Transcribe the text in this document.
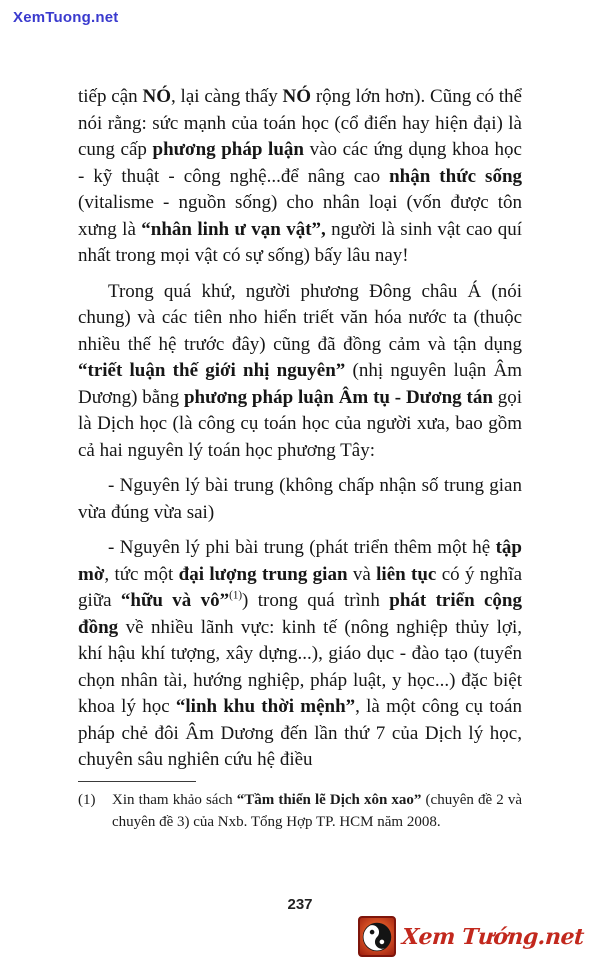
XemTuong.net

tiếp cận NÓ, lại càng thấy NÓ rộng lớn hơn). Cũng có thể nói rằng: sức mạnh của toán học (cổ điển hay hiện đại) là cung cấp phương pháp luận vào các ứng dụng khoa học - kỹ thuật - công nghệ...để nâng cao nhận thức sống (vitalisme - nguồn sống) cho nhân loại (vốn được tôn xưng là “nhân linh ư vạn vật”, người là sinh vật cao quí nhất trong mọi vật có sự sống) bấy lâu nay!

Trong quá khứ, người phương Đông châu Á (nói chung) và các tiên nho hiển triết văn hóa nước ta (thuộc nhiều thế hệ trước đây) cũng đã đồng cảm và tận dụng “triết luận thế giới nhị nguyên” (nhị nguyên luận Âm Dương) bằng phương pháp luận Âm tụ - Dương tán gọi là Dịch học (là công cụ toán học của người xưa, bao gồm cả hai nguyên lý toán học phương Tây:

- Nguyên lý bài trung (không chấp nhận số trung gian vừa đúng vừa sai)

- Nguyên lý phi bài trung (phát triển thêm một hệ tập mờ, tức một đại lượng trung gian và liên tục có ý nghĩa giữa “hữu và vô”$^{(1)}$) trong quá trình phát triển cộng đồng về nhiều lãnh vực: kinh tế (nông nghiệp thủy lợi, khí hậu khí tượng, xây dựng...), giáo dục - đào tạo (tuyển chọn nhân tài, hướng nghiệp, pháp luật, y học...) đặc biệt khoa lý học “linh khu thời mệnh”, là một công cụ toán pháp chẻ đôi Âm Dương đến lần thứ 7 của Dịch lý học, chuyên sâu nghiên cứu hệ điều

(1) Xin tham khảo sách “Tầm thiển lẽ Dịch xôn xao” (chuyên đề 2 và chuyên đề 3) của Nxb. Tổng Hợp TP. HCM năm 2008.
237
Xem Tướng.net
